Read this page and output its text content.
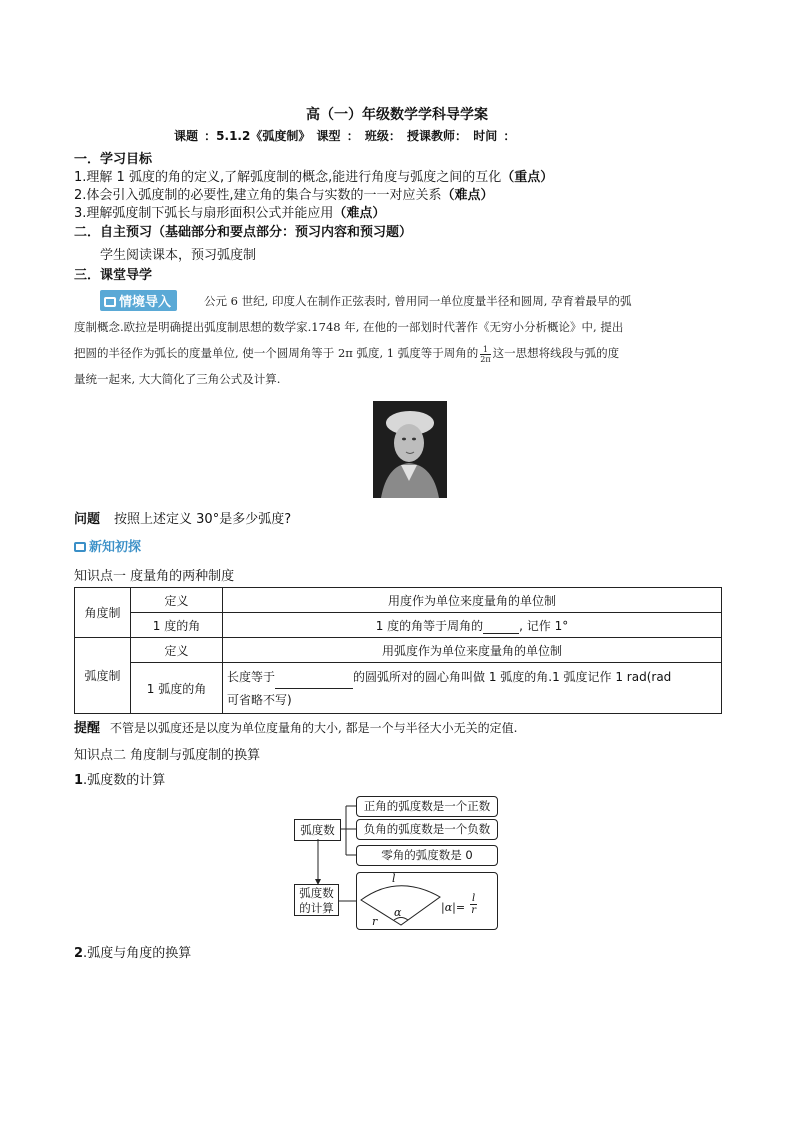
高（一）年级数学学科导学案
课题 ：5.1.2《弧度制》 课型 ： 班级： 授课教师： 时间 ：
一．学习目标
1.理解 1 弧度的角的定义,了解弧度制的概念,能进行角度与弧度之间的互化（重点）
2.体会引入弧度制的必要性,建立角的集合与实数的一一对应关系（难点）
3.理解弧度制下弧长与扇形面积公式并能应用（难点）
二．自主预习（基础部分和要点部分：预习内容和预习题）
学生阅读课本，预习弧度制
三．课堂导学
情境导入	公元 6 世纪, 印度人在制作正弦表时, 曾用同一单位度量半径和圆周, 孕育着最早的弧
度制概念.欧拉是明确提出弧度制思想的数学家.1748 年, 在他的一部划时代著作《无穷小分析概论》中, 提出
把圆的半径作为弧长的度量单位, 使一个圆周角等于 2π 弧度, 1 弧度等于周角的 $\frac{1}{2\pi}$ 这一思想将线段与弧的度
量统一起来, 大大简化了三角公式及计算.
问题 按照上述定义 30°是多少弧度?
新知初探
知识点一 度量角的两种制度
角度制	定义	用度作为单位来度量角的单位制
	1 度的角	1 度的角等于周角的 , 记作 1°
弧度制	定义	用弧度作为单位来度量角的单位制
	1 弧度的角	长度等于 的圆弧所对的圆心角叫做 1 弧度的角.1 弧度记作 1 rad(rad
可省略不写)
提醒 不管是以弧度还是以度为单位度量角的大小, 都是一个与半径大小无关的定值.
知识点二 角度制与弧度制的换算
1.弧度数的计算
弧度数
正角的弧度数是一个正数
负角的弧度数是一个负数
零角的弧度数是 0
弧度数
的计算
l
r
α	$|\alpha|= \frac{l}{r}$
2.弧度与角度的换算
